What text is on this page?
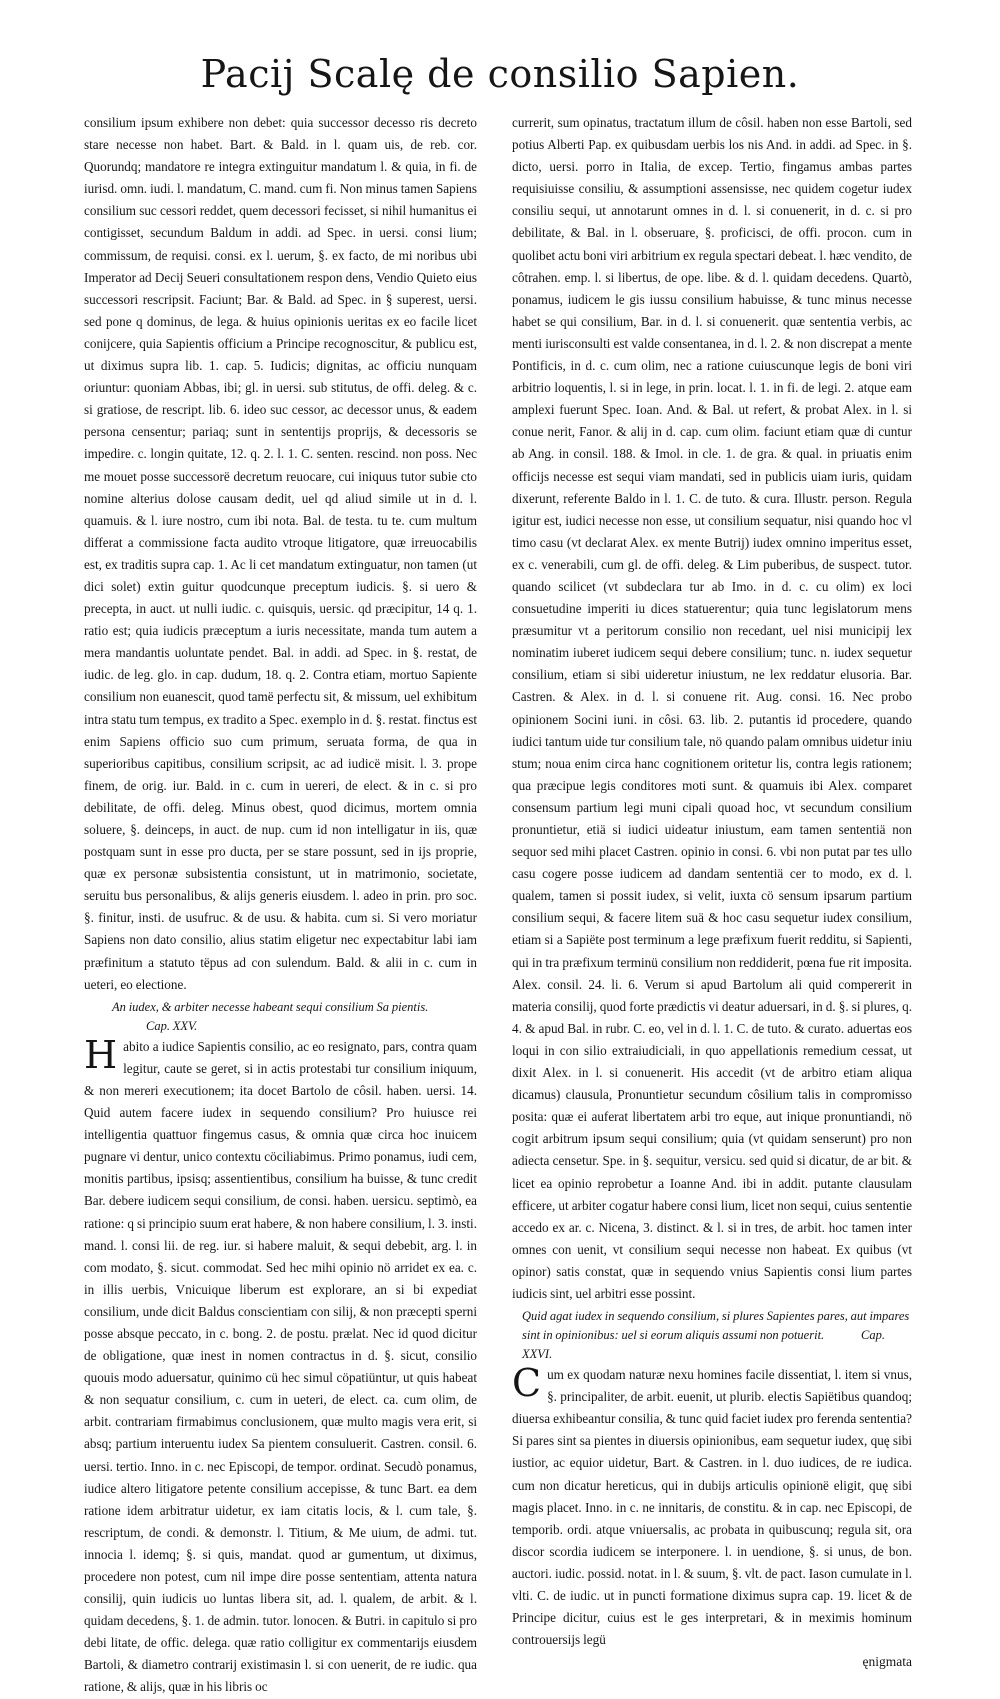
Pacij Scalę de consilio Sapien.

consilium ipsum exhibere non debet: quia successor decesso ris decreto stare necesse non habet. Bart. & Bald. in l. quam uis, de reb. cor. Quorundq; mandatore re integra extinguitur mandatum l. & quia, in fi. de iurisd. omn. iudi. l. mandatum, C. mand. cum fi. Non minus tamen Sapiens consilium suc cessori reddet, quem decessori fecisset, si nihil humanitus ei contigisset, secundum Baldum in addi. ad Spec. in uersi. consi lium; commissum, de requisi. consi. ex l. uerum, §. ex facto, de mi noribus ubi Imperator ad Decij Seueri consultationem respon dens, Vendio Quieto eius successori rescripsit. Faciunt; Bar. & Bald. ad Spec. in § superest, uersi. sed pone q dominus, de lega. & huius opinionis ueritas ex eo facile licet conijcere, quia Sapientis officium a Principe recognoscitur, & publicu est, ut diximus supra lib. 1. cap. 5. Iudicis; dignitas, ac officiu nunquam oriuntur: quoniam Abbas, ibi; gl. in uersi. sub stitutus, de offi. deleg. & c. si gratiose, de rescript. lib. 6. ideo suc cessor, ac decessor unus, & eadem persona censentur; pariaq; sunt in sententijs proprijs, & decessoris se impedire. c. longin quitate, 12. q. 2. l. 1. C. senten. rescind. non poss. Nec me mouet posse successorë decretum reuocare, cui iniquus tutor subie cto nomine alterius dolose causam dedit, uel qd aliud simile ut in d. l. quamuis. & l. iure nostro, cum ibi nota. Bal. de testa. tu te. cum multum differat a commissione facta audito vtroque litigatore, quæ irreuocabilis est, ex traditis supra cap. 1. Ac li cet mandatum extinguatur, non tamen (ut dici solet) extin guitur quodcunque preceptum iudicis. §. si uero & precepta, in auct. ut nulli iudic. c. quisquis, uersic. qd præcipitur, 14 q. 1. ratio est; quia iudicis præceptum a iuris necessitate, manda tum autem a mera mandantis uoluntate pendet. Bal. in addi. ad Spec. in §. restat, de iudic. de leg. glo. in cap. dudum, 18. q. 2. Contra etiam, mortuo Sapiente consilium non euanescit, quod tamë perfectu sit, & missum, uel exhibitum intra statu tum tempus, ex tradito a Spec. exemplo in d. §. restat. finctus est enim Sapiens officio suo cum primum, seruata forma, de qua in superioribus capitibus, consilium scripsit, ac ad iudicë misit. l. 3. prope finem, de orig. iur. Bald. in c. cum in uereri, de elect. & in c. si pro debilitate, de offi. deleg. Minus obest, quod dicimus, mortem omnia soluere, §. deinceps, in auct. de nup. cum id non intelligatur in iis, quæ postquam sunt in esse pro ducta, per se stare possunt, sed in ijs proprie, quæ ex personæ subsistentia consistunt, ut in matrimonio, societate, seruitu bus personalibus, & alijs generis eiusdem. l. adeo in prin. pro soc. §. finitur, insti. de usufruc. & de usu. & habita. cum si. Si vero moriatur Sapiens non dato consilio, alius statim eligetur nec expectabitur labi iam præfinitum a statuto tëpus ad con sulendum. Bald. & alii in c. cum in ueteri, eo electione.

An iudex, & arbiter necesse habeant sequi consilium Sa pientis. Cap. XXV.

Habito a iudice Sapientis consilio, ac eo resignato, pars, contra quam legitur, caute se geret, si in actis protestabi tur consilium iniquum, & non mereri executionem; ita docet Bartolo de côsil. haben. uersi. 14. Quid autem facere iudex in sequendo consilium? Pro huiusce rei intelligentia quattuor fingemus casus, & omnia quæ circa hoc inuicem pugnare vi dentur, unico contextu cöciliabimus. Primo ponamus, iudi cem, monitis partibus, ipsisq; assentientibus, consilium ha buisse, & tunc credit Bar. debere iudicem sequi consilium, de consi. haben. uersicu. septimò, ea ratione: q si principio suum erat habere, & non habere consilium, l. 3. insti. mand. l. consi lii. de reg. iur. si habere maluit, & sequi debebit, arg. l. in com modato, §. sicut. commodat. Sed hec mihi opinio nö arridet ex ea. c. in illis uerbis, Vnicuique liberum est explorare, an si bi expediat consilium, unde dicit Baldus conscientiam con silij, & non præcepti sperni posse absque peccato, in c. bong. 2. de postu. prælat. Nec id quod dicitur de obligatione, quæ inest in nomen contractus in d. §. sicut, consilio quouis modo aduersatur, quinimo cü hec simul cöpatiüntur, ut quis habeat & non sequatur consilium, c. cum in ueteri, de elect. ca. cum olim, de arbit. contrariam firmabimus conclusionem, quæ multo magis vera erit, si absq; partium interuentu iudex Sa pientem consuluerit. Castren. consil. 6. uersi. tertio. Inno. in c. nec Episcopi, de tempor. ordinat. Secudò ponamus, iudice altero litigatore petente consilium accepisse, & tunc Bart. ea dem ratione idem arbitratur uidetur, ex iam citatis locis, & l. cum tale, §. rescriptum, de condi. & demonstr. l. Titium, & Me uium, de admi. tut. innocia l. idemq; §. si quis, mandat. quod ar gumentum, ut diximus, procedere non potest, cum nil impe dire posse sententiam, attenta natura consilij, quin iudicis uo luntas libera sit, ad. l. qualem, de arbit. & l. quidam decedens, §. 1. de admin. tutor. lonocen. & Butri. in capitulo si pro debi litate, de offic. delega. quæ ratio colligitur ex commentarijs eiusdem Bartoli, & diametro contrarij existimasin l. si con uenerit, de re iudic. qua ratione, & alijs, quæ in his libris oc

currerit, sum opinatus, tractatum illum de côsil. haben non esse Bartoli, sed potius Alberti Pap. ex quibusdam uerbis los nis And. in addi. ad Spec. in §. dicto, uersi. porro in Italia, de excep. Tertio, fingamus ambas partes requisiuisse consiliu, & assumptioni assensisse, nec quidem cogetur iudex consiliu sequi, ut annotarunt omnes in d. l. si conuenerit, in d. c. si pro debilitate, & Bal. in l. obseruare, §. proficisci, de offi. procon. cum in quolibet actu boni viri arbitrium ex regula spectari debeat. l. hæc vendito, de côtrahen. emp. l. si libertus, de ope. libe. & d. l. quidam decedens. Quartò, ponamus, iudicem le gis iussu consilium habuisse, & tunc minus necesse habet se qui consilium, Bar. in d. l. si conuenerit. quæ sententia verbis, ac menti iurisconsulti est valde consentanea, in d. l. 2. & non discrepat a mente Pontificis, in d. c. cum olim, nec a ratione cuiuscunque legis de boni viri arbitrio loquentis, l. si in lege, in prin. locat. l. 1. in fi. de legi. 2. atque eam amplexi fuerunt Spec. Ioan. And. & Bal. ut refert, & probat Alex. in l. si conue nerit, Fanor. & alij in d. cap. cum olim. faciunt etiam quæ di cuntur ab Ang. in consil. 188. & Imol. in cle. 1. de gra. & qual. in priuatis enim officijs necesse est sequi viam mandati, sed in publicis uiam iuris, quidam dixerunt, referente Baldo in l. 1. C. de tuto. & cura. Illustr. person. Regula igitur est, iudici necesse non esse, ut consilium sequatur, nisi quando hoc vl timo casu (vt declarat Alex. ex mente Butrij) iudex omnino imperitus esset, ex c. venerabili, cum gl. de offi. deleg. & Lim puberibus, de suspect. tutor. quando scilicet (vt subdeclara tur ab Imo. in d. c. cu olim) ex loci consuetudine imperiti iu dices statuerentur; quia tunc legislatorum mens præsumitur vt a peritorum consilio non recedant, uel nisi municipij lex nominatim iuberet iudicem sequi debere consilium; tunc. n. iudex sequetur consilium, etiam si sibi uideretur iniustum, ne lex reddatur elusoria. Bar. Castren. & Alex. in d. l. si conuene rit. Aug. consi. 16. Nec probo opinionem Socini iuni. in côsi. 63. lib. 2. putantis id procedere, quando iudici tantum uide tur consilium tale, nö quando palam omnibus uidetur iniu stum; noua enim circa hanc cognitionem oritetur lis, contra legis rationem; qua præcipue legis conditores moti sunt. & quamuis ibi Alex. comparet consensum partium legi muni cipali quoad hoc, vt secundum consilium pronuntietur, etiä si iudici uideatur iniustum, eam tamen sententiä non sequor sed mihi placet Castren. opinio in consi. 6. vbi non putat par tes ullo casu cogere posse iudicem ad dandam sententiä cer to modo, ex d. l. qualem, tamen si possit iudex, si velit, iuxta cö sensum ipsarum partium consilium sequi, & facere litem suä & hoc casu sequetur iudex consilium, etiam si a Sapiëte post terminum a lege præfixum fuerit redditu, si Sapienti, qui in tra præfixum terminü consilium non reddiderit, pœna fue rit imposita. Alex. consil. 24. li. 6. Verum si apud Bartolum ali quid compererit in materia consilij, quod forte prædictis vi deatur aduersari, in d. §. si plures, q. 4. & apud Bal. in rubr. C. eo, vel in d. l. 1. C. de tuto. & curato. aduertas eos loqui in con silio extraiudiciali, in quo appellationis remedium cessat, ut dixit Alex. in l. si conuenerit. His accedit (vt de arbitro etiam aliqua dicamus) clausula, Pronuntietur secundum côsilium talis in compromisso posita: quæ ei auferat libertatem arbi tro eque, aut inique pronuntiandi, nö cogit arbitrum ipsum sequi consilium; quia (vt quidam senserunt) pro non adiecta censetur. Spe. in §. sequitur, versicu. sed quid si dicatur, de ar bit. & licet ea opinio reprobetur a Ioanne And. ibi in addit. putante clausulam efficere, ut arbiter cogatur habere consi lium, licet non sequi, cuius sententie accedo ex ar. c. Nicena, 3. distinct. & l. si in tres, de arbit. hoc tamen inter omnes con uenit, vt consilium sequi necesse non habeat. Ex quibus (vt opinor) satis constat, quæ in sequendo vnius Sapientis consi lium partes iudicis sint, uel arbitri esse possint.

Quid agat iudex in sequendo consilium, si plures Sapientes pares, aut impares sint in opinionibus: uel si eorum aliquis assumi non potuerit.	Cap. XXVI.

Cum ex quodam naturæ nexu homines facile dissentiat, l. item si vnus, §. principaliter, de arbit. euenit, ut plurib. electis Sapiëtibus quandoq; diuersa exhibeantur consilia, & tunc quid faciet iudex pro ferenda sententia? Si pares sint sa pientes in diuersis opinionibus, eam sequetur iudex, quę sibi iustior, ac equior uidetur, Bart. & Castren. in l. duo iudices, de re iudica. cum non dicatur hereticus, qui in dubijs articulis opinionë eligit, quę sibi magis placet. Inno. in c. ne innitaris, de constitu. & in cap. nec Episcopi, de temporib. ordi. atque vniuersalis, ac probata in quibuscunq; regula sit, ora discor scordia iudicem se interponere. l. in uendione, §. si unus, de bon. auctori. iudic. possid. notat. in l. & suum, §. vlt. de pact. Iason cumulate in l. vlti. C. de iudic. ut in puncti formatione diximus supra cap. 19. licet & de Principe dicitur, cuius est le ges interpretari, & in meximis hominum controuersijs legü

ęnigmata
